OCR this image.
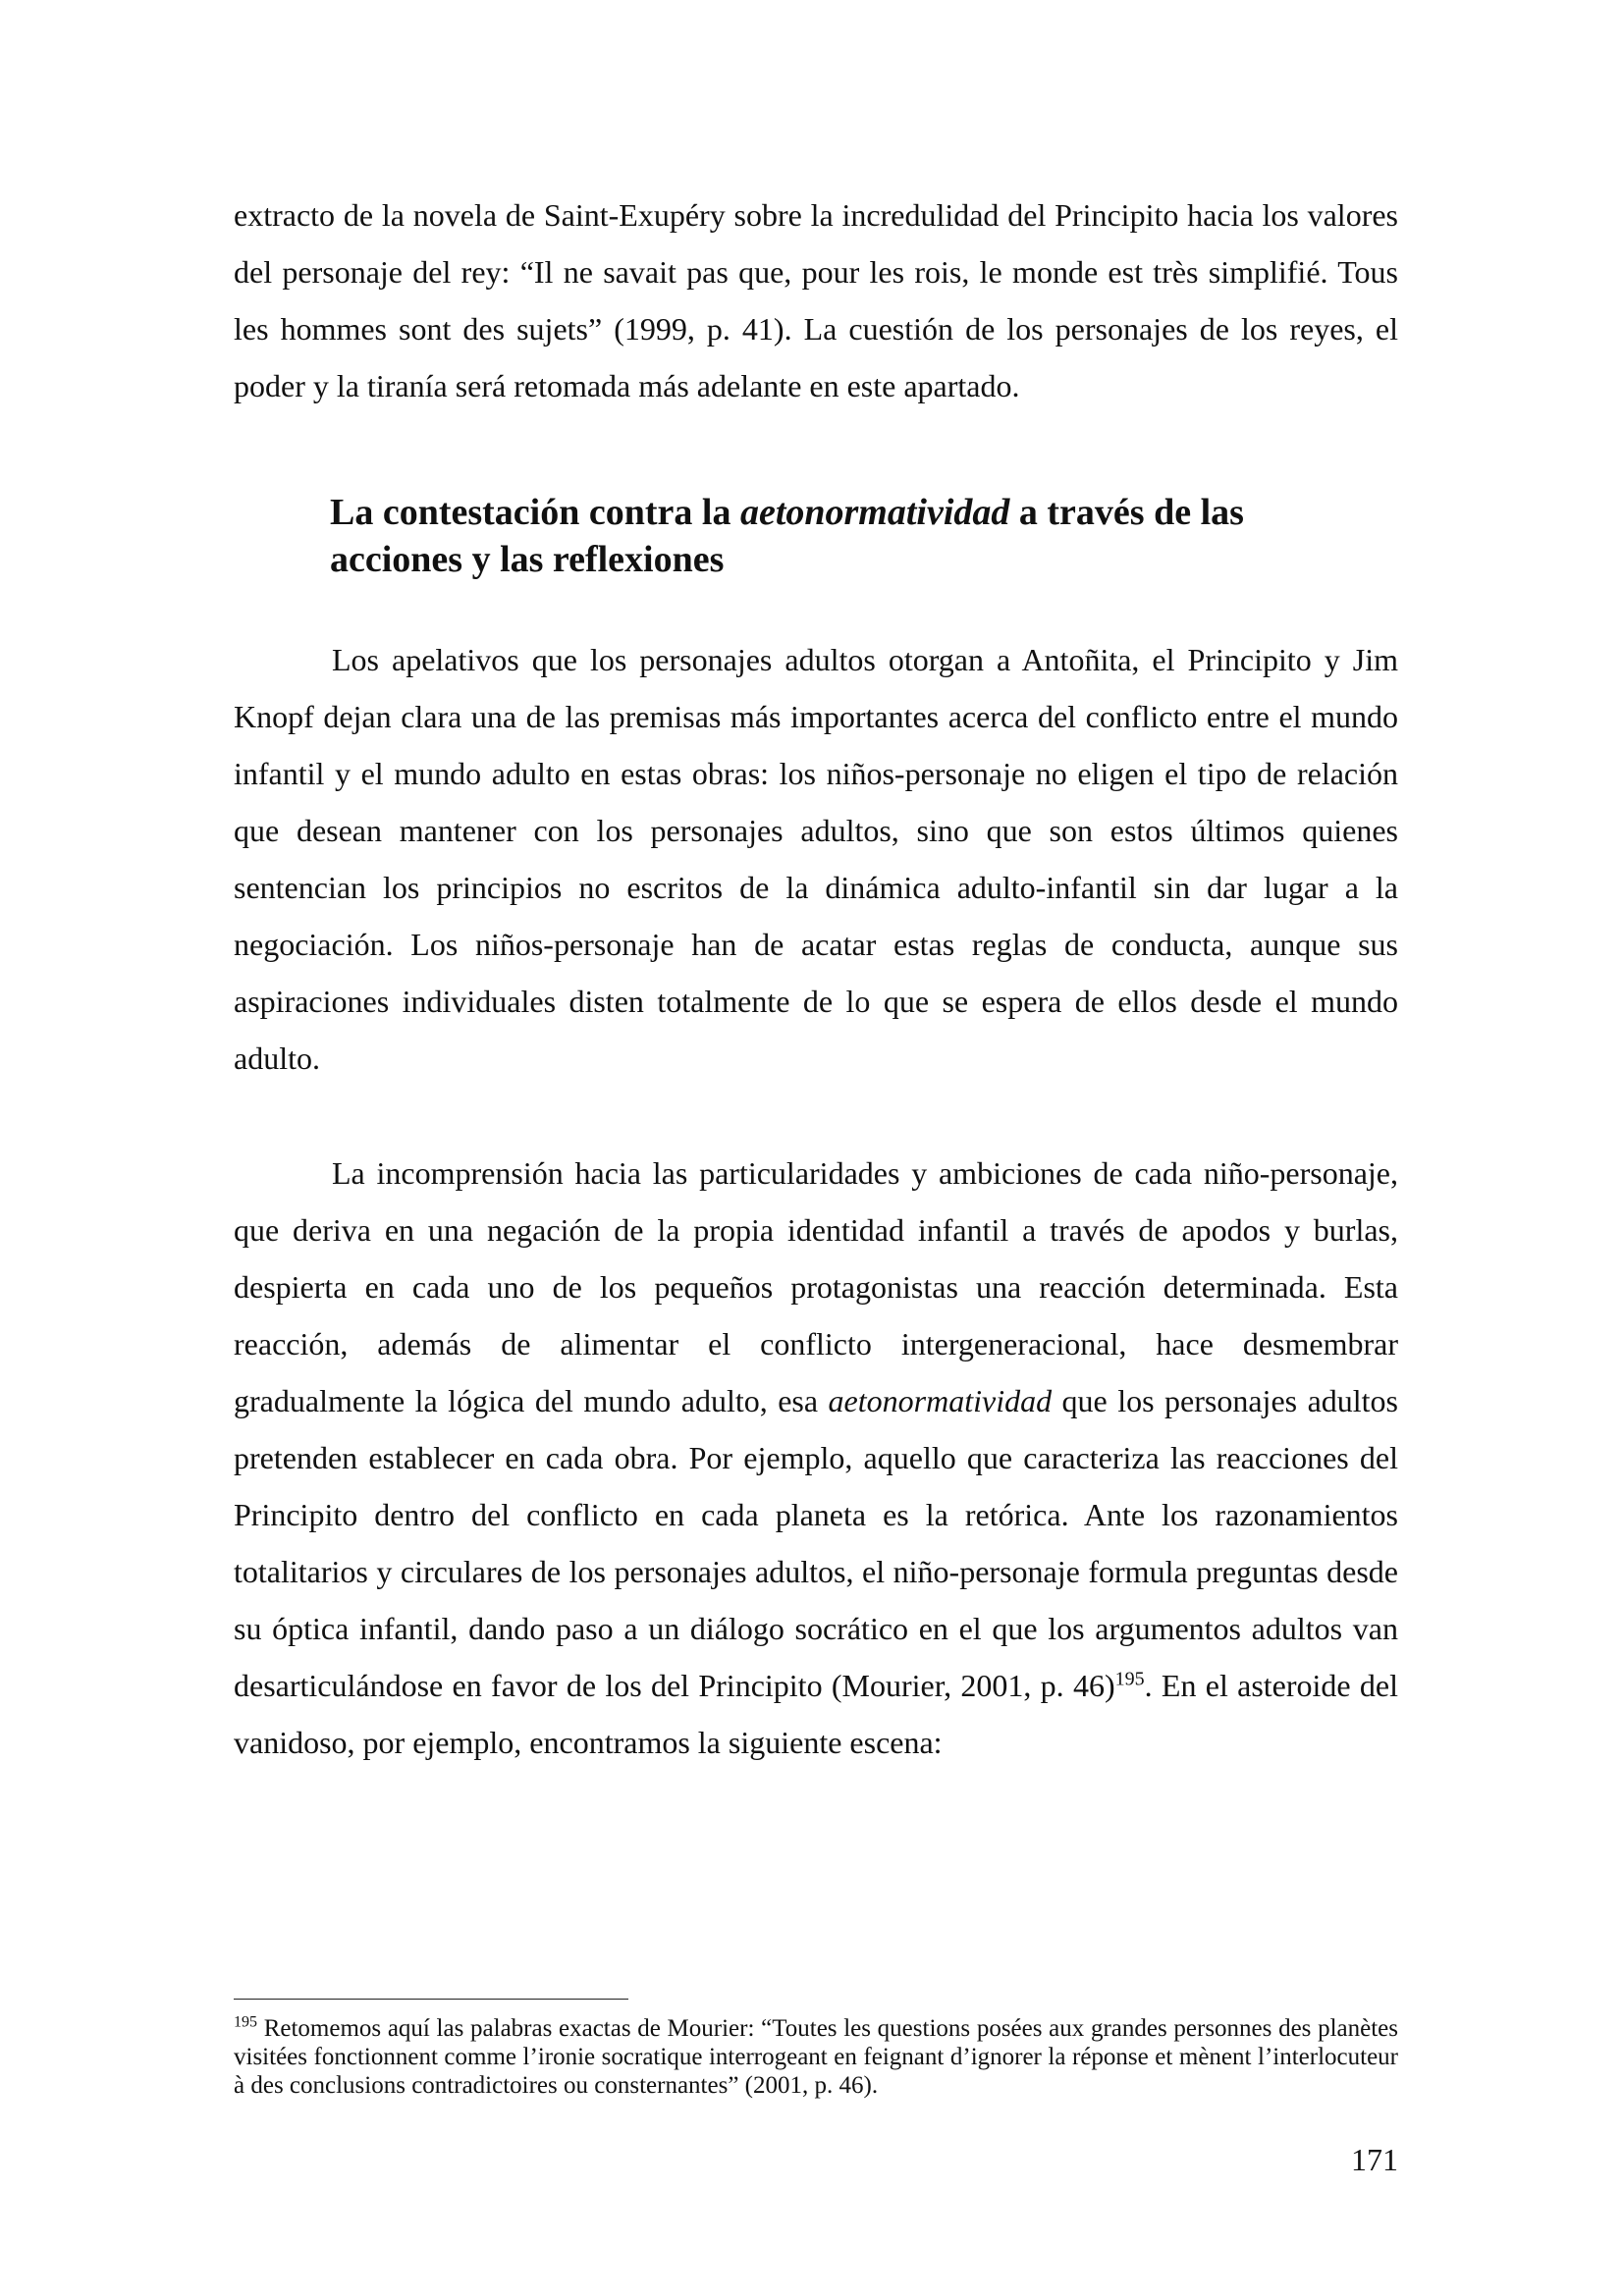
extracto de la novela de Saint-Exupéry sobre la incredulidad del Principito hacia los valores del personaje del rey: “Il ne savait pas que, pour les rois, le monde est très simplifié. Tous les hommes sont des sujets” (1999, p. 41). La cuestión de los personajes de los reyes, el poder y la tiranía será retomada más adelante en este apartado.

La contestación contra la aetonormatividad a través de las acciones y las reflexiones

Los apelativos que los personajes adultos otorgan a Antoñita, el Principito y Jim Knopf dejan clara una de las premisas más importantes acerca del conflicto entre el mundo infantil y el mundo adulto en estas obras: los niños-personaje no eligen el tipo de relación que desean mantener con los personajes adultos, sino que son estos últimos quienes sentencian los principios no escritos de la dinámica adulto-infantil sin dar lugar a la negociación. Los niños-personaje han de acatar estas reglas de conducta, aunque sus aspiraciones individuales disten totalmente de lo que se espera de ellos desde el mundo adulto.

La incomprensión hacia las particularidades y ambiciones de cada niño-personaje, que deriva en una negación de la propia identidad infantil a través de apodos y burlas, despierta en cada uno de los pequeños protagonistas una reacción determinada. Esta reacción, además de alimentar el conflicto intergeneracional, hace desmembrar gradualmente la lógica del mundo adulto, esa aetonormatividad que los personajes adultos pretenden establecer en cada obra. Por ejemplo, aquello que caracteriza las reacciones del Principito dentro del conflicto en cada planeta es la retórica. Ante los razonamientos totalitarios y circulares de los personajes adultos, el niño-personaje formula preguntas desde su óptica infantil, dando paso a un diálogo socrático en el que los argumentos adultos van desarticulándose en favor de los del Principito (Mourier, 2001, p. 46)$^{195}$. En el asteroide del vanidoso, por ejemplo, encontramos la siguiente escena:

$^{195}$ Retomemos aquí las palabras exactas de Mourier: “Toutes les questions posées aux grandes personnes des planètes visitées fonctionnent comme l’ironie socratique interrogeant en feignant d’ignorer la réponse et mènent l’interlocuteur à des conclusions contradictoires ou consternantes” (2001, p. 46).

171
